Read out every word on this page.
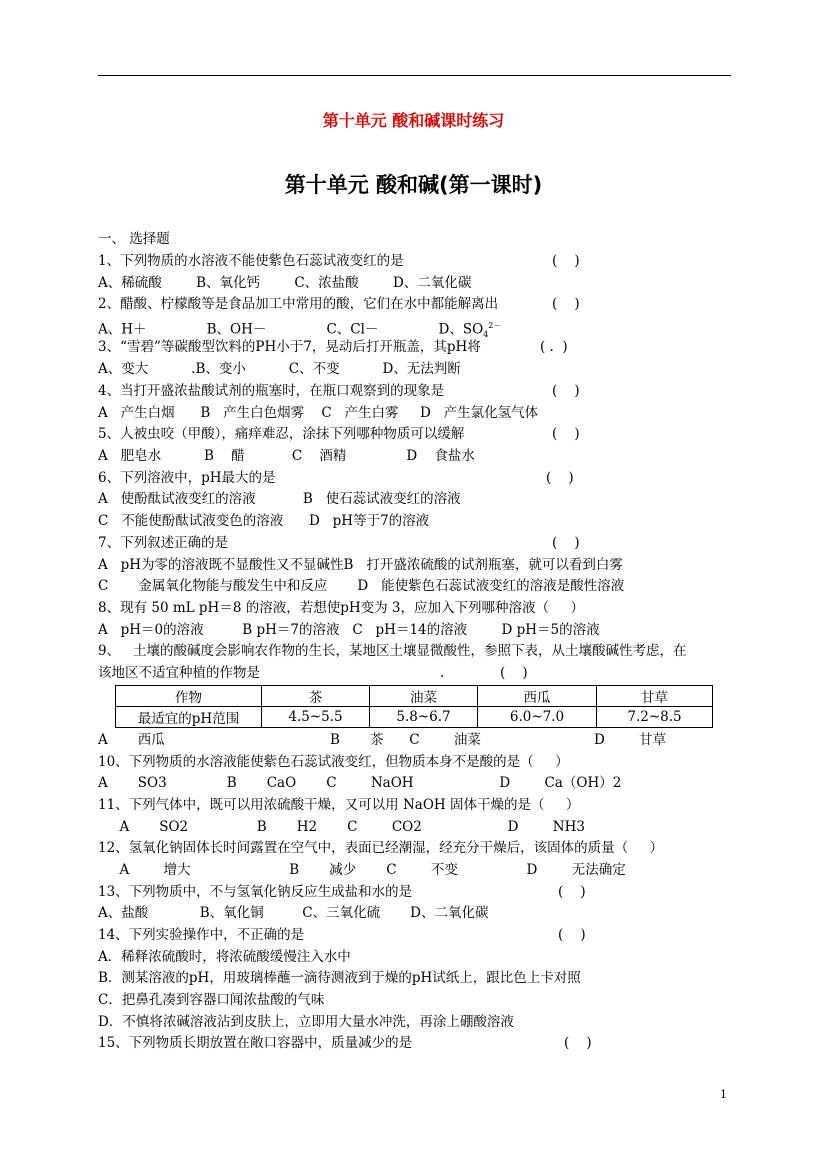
第十单元 酸和碱课时练习
第十单元 酸和碱(第一课时)
一、 选择题
1、下列物质的水溶液不能使紫色石蕊试液变红的是	(    )
A、稀硫酸        B、氧化钙        C、浓盐酸        D、二氧化碳
2、醋酸、柠檬酸等是食品加工中常用的酸，它们在水中都能解离出	(    )
A、H＋              B、OH－              C、Cl－              D、$SO_4^{2-}$
3、“雪碧”等碳酸型饮料的PH小于7，晃动后打开瓶盖，其pH将	( .  )
A、变大          .B、变小          C、不变          D、无法判断
4、当打开盛浓盐酸试剂的瓶塞时，在瓶口观察到的现象是	(    )
A   产生白烟      B   产生白色烟雾    C   产生白雾     D   产生氯化氢气体
5、人被虫咬（甲酸），痛痒难忍，涂抹下列哪种物质可以缓解	(    )
A   肥皂水          B    醋           C    酒精              D    食盐水
6、下列溶液中，pH最大的是	(    )
A   使酚酞试液变红的溶液           B   使石蕊试液变红的溶液
C   不能使酚酞试液变色的溶液      D   pH等于7的溶液
7、下列叙述正确的是	(    )
A   pH为零的溶液既不显酸性又不显碱性B   打开盛浓硫酸的试剂瓶塞，就可以看到白雾
C       金属氧化物能与酸发生中和反应       D   能使紫色石蕊试液变红的溶液是酸性溶液
8、现有 50 mL pH＝8 的溶液，若想使pH变为 3，应加入下列哪种溶液（     ）
A   pH＝0的溶液         B pH＝7的溶液   C   pH＝14的溶液        D pH＝5的溶液
9、   土壤的酸碱度会影响农作物的生长，某地区土壤显微酸性，参照下表，从土壤酸碱性考虑，在
该地区不适宜种植的作物是	.	(    )
作物	茶	油菜	西瓜	甘草
最适宜的pH范围	4.5~5.5	5.8~6.7	6.0~7.0	7.2~8.5
A       西瓜	B       茶      C        油菜	D        甘草
10、下列物质的水溶液能使紫色石蕊试液变红，但物质本身不是酸的是（     ）
A       SO3              B       CaO       C        NaOH                    D        Ca（OH）2
11、下列气体中，既可以用浓硫酸干燥，又可以用 NaOH 固体干燥的是（     ）
A       SO2                B       H2       C        CO2                    D        NH3
12、氢氧化钠固体长时间露置在空气中，表面已经潮湿，经充分干燥后，该固体的质量（     ）
A        增大                       B       减少       C        不变                D        无法确定
13、下列物质中，不与氢氧化钠反应生成盐和水的是	(    )
A、盐酸            B、氧化铜         C、三氧化硫       D、二氧化碳
14、下列实验操作中，不正确的是	(    )
A．稀释浓硫酸时，将浓硫酸缓慢注入水中
B．测某溶液的pH，用玻璃棒蘸一滴待测液到于燥的pH试纸上，跟比色上卡对照
C．把鼻孔凑到容器口闻浓盐酸的气味
D．不慎将浓碱溶液沾到皮肤上，立即用大量水冲洗，再涂上硼酸溶液
15、下列物质长期放置在敞口容器中，质量减少的是	(    )
1
